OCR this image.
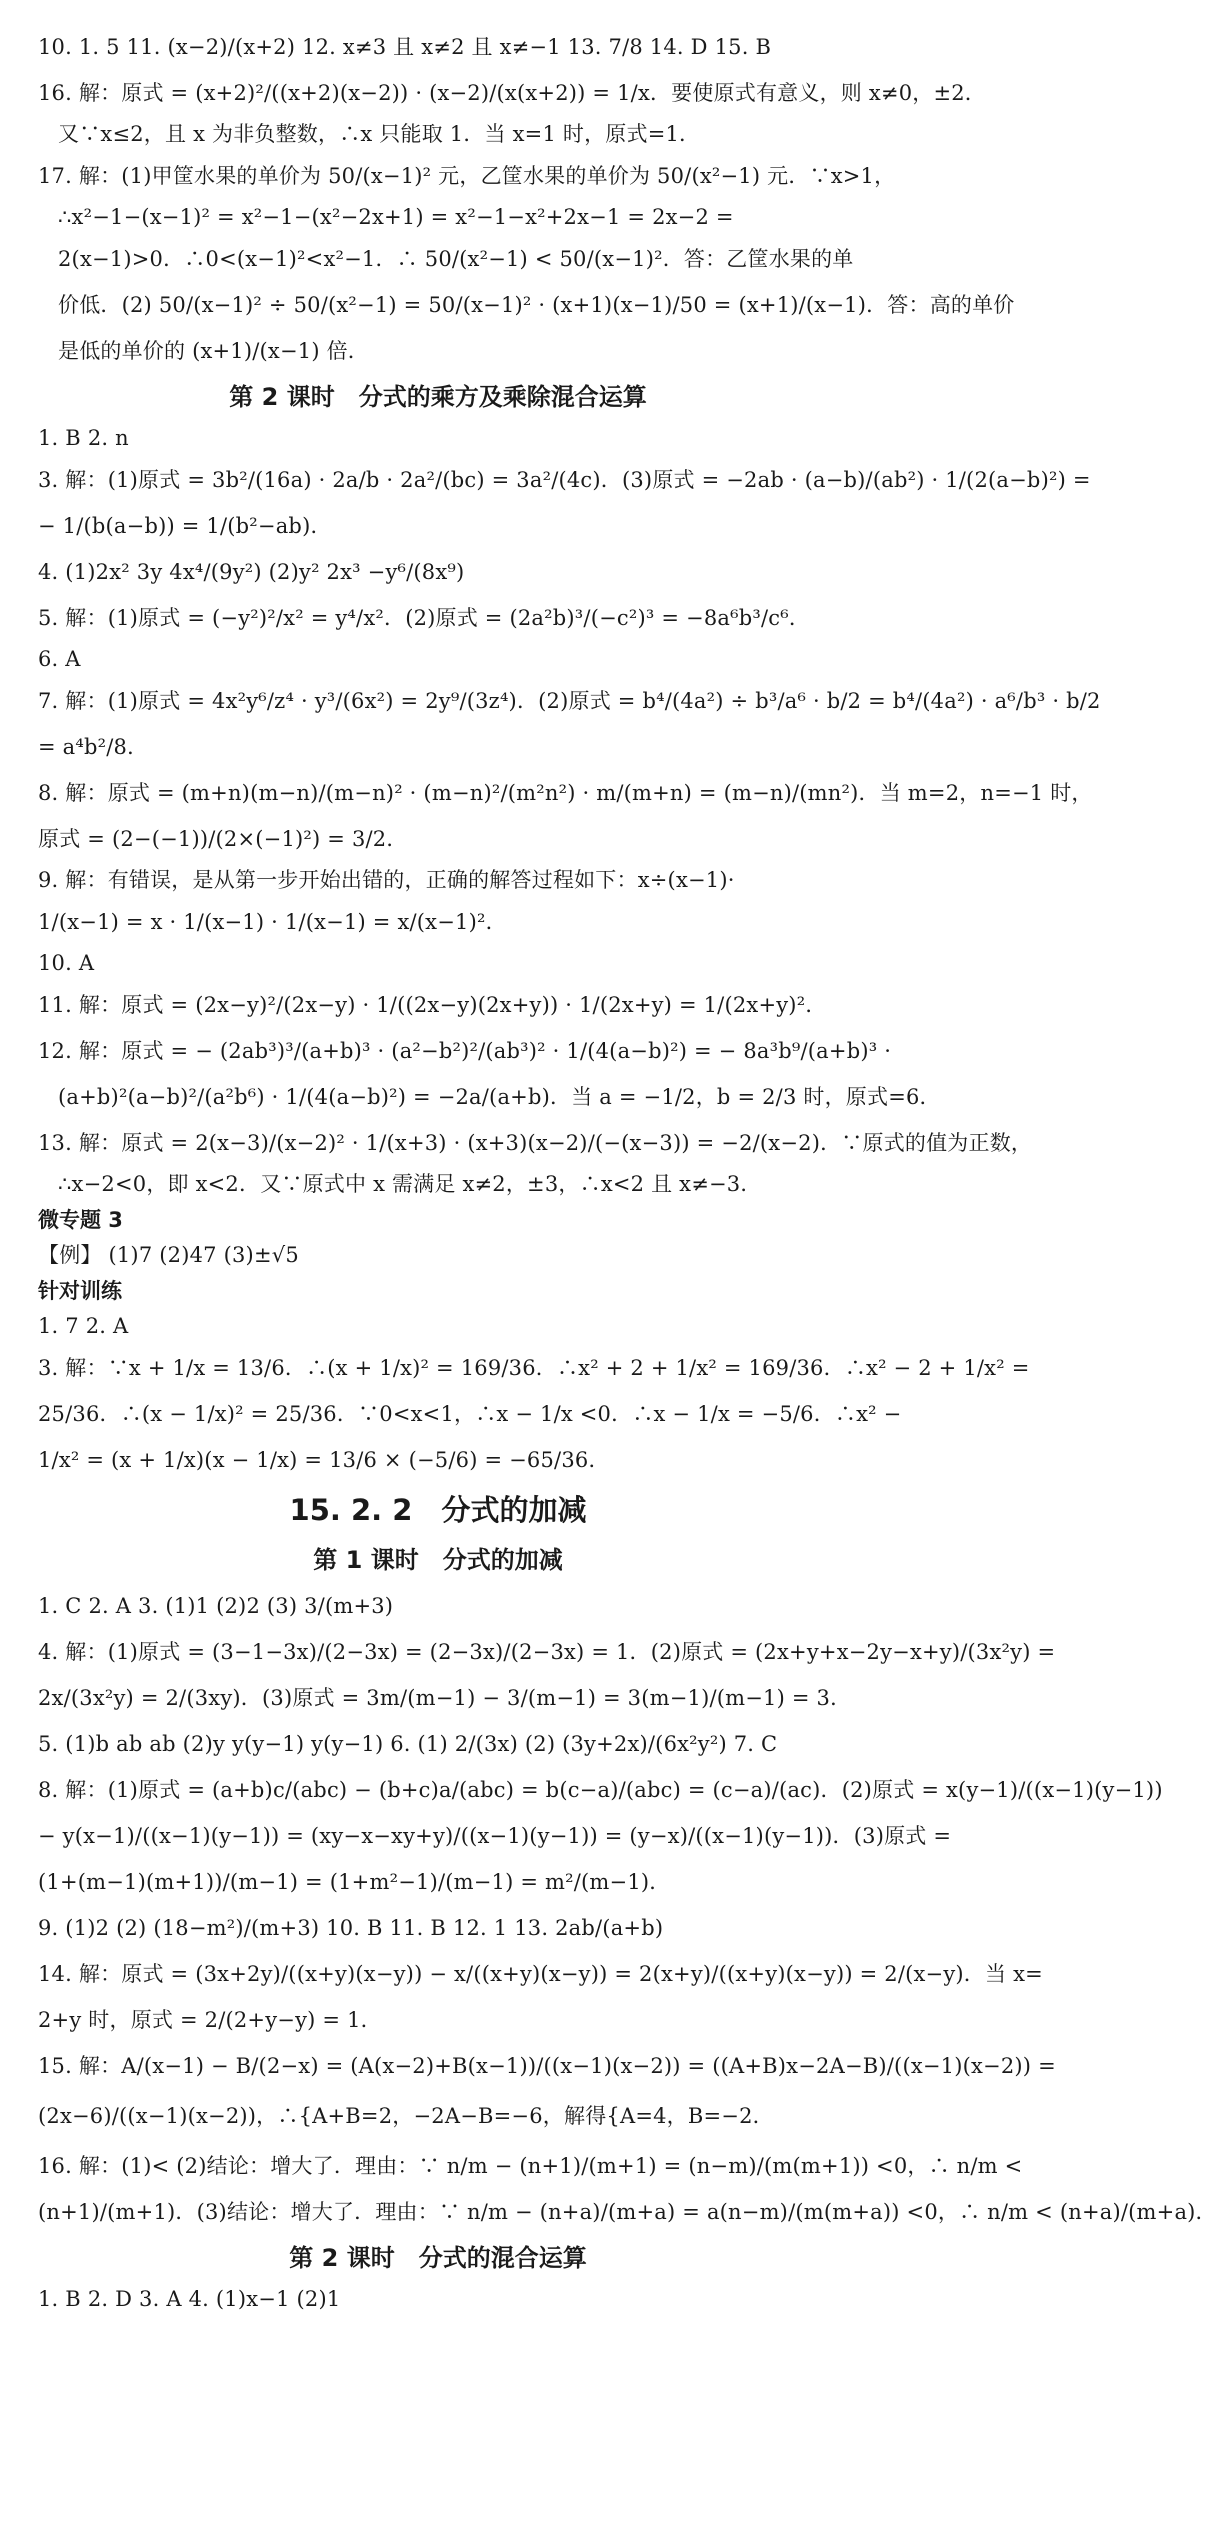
10. 1. 5 11. (x−2)/(x+2) 12. x≠3 且 x≠2 且 x≠−1 13. 7/8 14. D 15. B
16. 解：原式 = (x+2)²/((x+2)(x−2)) · (x−2)/(x(x+2)) = 1/x．要使原式有意义，则 x≠0，±2．
又∵x≤2，且 x 为非负整数，∴x 只能取 1．当 x=1 时，原式=1．
17. 解：(1)甲筐水果的单价为 50/(x−1)² 元，乙筐水果的单价为 50/(x²−1) 元．∵x>1，
∴x²−1−(x−1)² = x²−1−(x²−2x+1) = x²−1−x²+2x−1 = 2x−2 =
2(x−1)>0．∴0<(x−1)²<x²−1．∴ 50/(x²−1) < 50/(x−1)²．答：乙筐水果的单
价低．(2) 50/(x−1)² ÷ 50/(x²−1) = 50/(x−1)² · (x+1)(x−1)/50 = (x+1)/(x−1)．答：高的单价
是低的单价的 (x+1)/(x−1) 倍．
第 2 课时　分式的乘方及乘除混合运算
1. B 2. n
3. 解：(1)原式 = 3b²/(16a) · 2a/b · 2a²/(bc) = 3a²/(4c)．(3)原式 = −2ab · (a−b)/(ab²) · 1/(2(a−b)²) =
− 1/(b(a−b)) = 1/(b²−ab)．
4. (1)2x² 3y 4x⁴/(9y²) (2)y² 2x³ −y⁶/(8x⁹)
5. 解：(1)原式 = (−y²)²/x² = y⁴/x²．(2)原式 = (2a²b)³/(−c²)³ = −8a⁶b³/c⁶．
6. A
7. 解：(1)原式 = 4x²y⁶/z⁴ · y³/(6x²) = 2y⁹/(3z⁴)．(2)原式 = b⁴/(4a²) ÷ b³/a⁶ · b/2 = b⁴/(4a²) · a⁶/b³ · b/2
= a⁴b²/8．
8. 解：原式 = (m+n)(m−n)/(m−n)² · (m−n)²/(m²n²) · m/(m+n) = (m−n)/(mn²)．当 m=2，n=−1 时，
原式 = (2−(−1))/(2×(−1)²) = 3/2．
9. 解：有错误，是从第一步开始出错的，正确的解答过程如下：x÷(x−1)·
1/(x−1) = x · 1/(x−1) · 1/(x−1) = x/(x−1)²．
10. A
11. 解：原式 = (2x−y)²/(2x−y) · 1/((2x−y)(2x+y)) · 1/(2x+y) = 1/(2x+y)²．
12. 解：原式 = − (2ab³)³/(a+b)³ · (a²−b²)²/(ab³)² · 1/(4(a−b)²) = − 8a³b⁹/(a+b)³ ·
(a+b)²(a−b)²/(a²b⁶) · 1/(4(a−b)²) = −2a/(a+b)．当 a = −1/2，b = 2/3 时，原式=6．
13. 解：原式 = 2(x−3)/(x−2)² · 1/(x+3) · (x+3)(x−2)/(−(x−3)) = −2/(x−2)．∵原式的值为正数，
∴x−2<0，即 x<2．又∵原式中 x 需满足 x≠2，±3，∴x<2 且 x≠−3．
微专题 3
【例】 (1)7 (2)47 (3)±√5
针对训练
1. 7 2. A
3. 解：∵x + 1/x = 13/6．∴(x + 1/x)² = 169/36．∴x² + 2 + 1/x² = 169/36．∴x² − 2 + 1/x² =
25/36．∴(x − 1/x)² = 25/36．∵0<x<1，∴x − 1/x <0．∴x − 1/x = −5/6．∴x² −
1/x² = (x + 1/x)(x − 1/x) = 13/6 × (−5/6) = −65/36．
15. 2. 2　分式的加减
第 1 课时　分式的加减
1. C 2. A 3. (1)1 (2)2 (3) 3/(m+3)
4. 解：(1)原式 = (3−1−3x)/(2−3x) = (2−3x)/(2−3x) = 1．(2)原式 = (2x+y+x−2y−x+y)/(3x²y) =
2x/(3x²y) = 2/(3xy)．(3)原式 = 3m/(m−1) − 3/(m−1) = 3(m−1)/(m−1) = 3．
5. (1)b ab ab (2)y y(y−1) y(y−1) 6. (1) 2/(3x) (2) (3y+2x)/(6x²y²) 7. C
8. 解：(1)原式 = (a+b)c/(abc) − (b+c)a/(abc) = b(c−a)/(abc) = (c−a)/(ac)．(2)原式 = x(y−1)/((x−1)(y−1))
− y(x−1)/((x−1)(y−1)) = (xy−x−xy+y)/((x−1)(y−1)) = (y−x)/((x−1)(y−1))．(3)原式 =
(1+(m−1)(m+1))/(m−1) = (1+m²−1)/(m−1) = m²/(m−1)．
9. (1)2 (2) (18−m²)/(m+3) 10. B 11. B 12. 1 13. 2ab/(a+b)
14. 解：原式 = (3x+2y)/((x+y)(x−y)) − x/((x+y)(x−y)) = 2(x+y)/((x+y)(x−y)) = 2/(x−y)．当 x=
2+y 时，原式 = 2/(2+y−y) = 1．
15. 解：A/(x−1) − B/(2−x) = (A(x−2)+B(x−1))/((x−1)(x−2)) = ((A+B)x−2A−B)/((x−1)(x−2)) =
(2x−6)/((x−1)(x−2))，∴{A+B=2，−2A−B=−6，解得{A=4，B=−2．
16. 解：(1)< (2)结论：增大了．理由：∵ n/m − (n+1)/(m+1) = (n−m)/(m(m+1)) <0，∴ n/m <
(n+1)/(m+1)．(3)结论：增大了．理由：∵ n/m − (n+a)/(m+a) = a(n−m)/(m(m+a)) <0，∴ n/m < (n+a)/(m+a)．
第 2 课时　分式的混合运算
1. B 2. D 3. A 4. (1)x−1 (2)1
